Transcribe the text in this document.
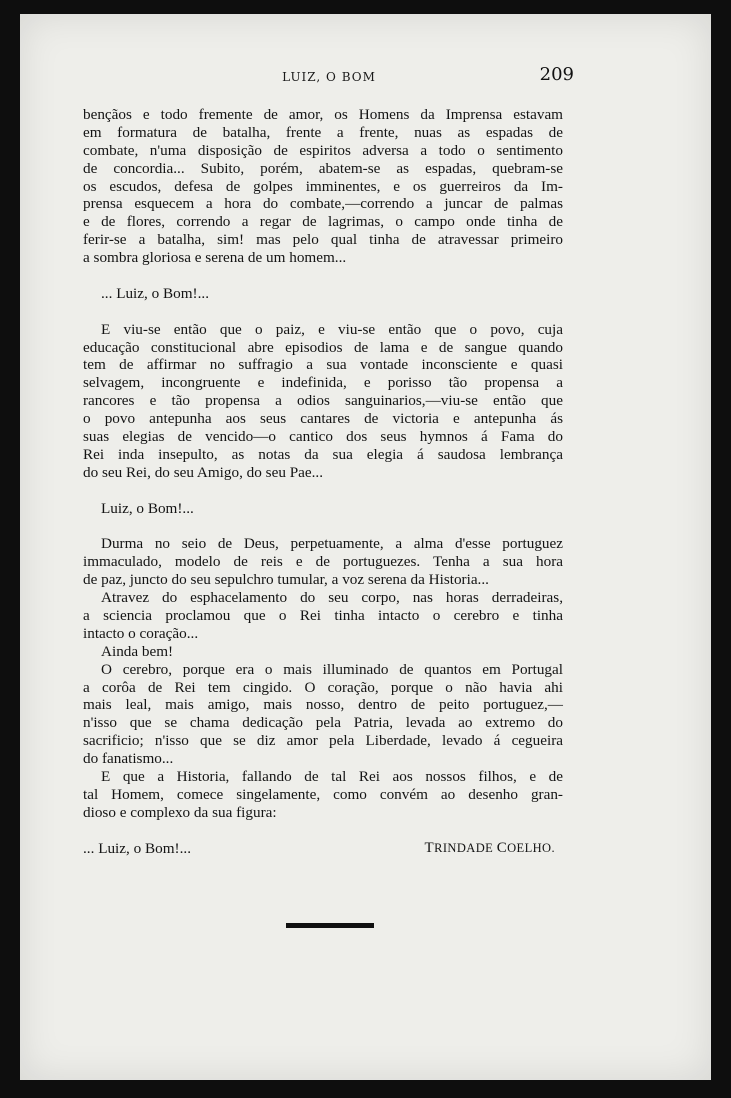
LUIZ, O BOM	209
bençãos e todo fremente de amor, os Homens da Imprensa estavam
em formatura de batalha, frente a frente, nuas as espadas de
combate, n'uma disposição de espiritos adversa a todo o sentimento
de concordia... Subito, porém, abatem-se as espadas, quebram-se
os escudos, defesa de golpes imminentes, e os guerreiros da Im-
prensa esquecem a hora do combate,—correndo a juncar de palmas
e de flores, correndo a regar de lagrimas, o campo onde tinha de
ferir-se a batalha, sim! mas pelo qual tinha de atravessar primeiro
a sombra gloriosa e serena de um homem...
... Luiz, o Bom!...
E viu-se então que o paiz, e viu-se então que o povo, cuja
educação constitucional abre episodios de lama e de sangue quando
tem de affirmar no suffragio a sua vontade inconsciente e quasi
selvagem, incongruente e indefinida, e porisso tão propensa a
rancores e tão propensa a odios sanguinarios,—viu-se então que
o povo antepunha aos seus cantares de victoria e antepunha ás
suas elegias de vencido—o cantico dos seus hymnos á Fama do
Rei inda insepulto, as notas da sua elegia á saudosa lembrança
do seu Rei, do seu Amigo, do seu Pae...
Luiz, o Bom!...
Durma no seio de Deus, perpetuamente, a alma d'esse portuguez
immaculado, modelo de reis e de portuguezes. Tenha a sua hora
de paz, juncto do seu sepulchro tumular, a voz serena da Historia...
Atravez do esphacelamento do seu corpo, nas horas derradeiras,
a sciencia proclamou que o Rei tinha intacto o cerebro e tinha
intacto o coração...
Ainda bem!
O cerebro, porque era o mais illuminado de quantos em Portugal
a corôa de Rei tem cingido. O coração, porque o não havia ahi
mais leal, mais amigo, mais nosso, dentro de peito portuguez,—
n'isso que se chama dedicação pela Patria, levada ao extremo do
sacrificio; n'isso que se diz amor pela Liberdade, levado á cegueira
do fanatismo...
E que a Historia, fallando de tal Rei aos nossos filhos, e de
tal Homem, comece singelamente, como convém ao desenho gran-
dioso e complexo da sua figura:
... Luiz, o Bom!...	TRINDADE COELHO.
